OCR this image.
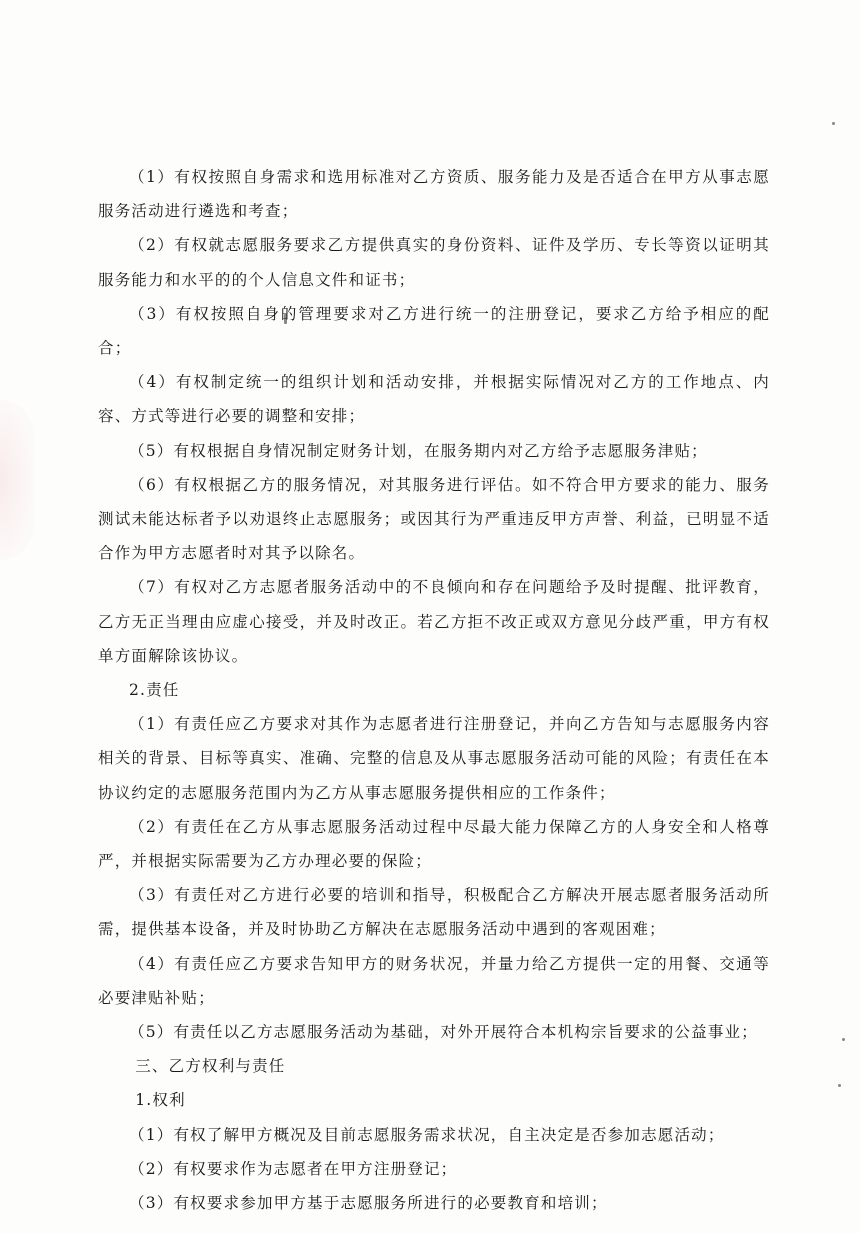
（1）有权按照自身需求和选用标准对乙方资质、服务能力及是否适合在甲方从事志愿服务活动进行遴选和考查；

（2）有权就志愿服务要求乙方提供真实的身份资料、证件及学历、专长等资以证明其服务能力和水平的的个人信息文件和证书；

（3）有权按照自身的管理要求对乙方进行统一的注册登记，要求乙方给予相应的配合；

（4）有权制定统一的组织计划和活动安排，并根据实际情况对乙方的工作地点、内容、方式等进行必要的调整和安排；

（5）有权根据自身情况制定财务计划，在服务期内对乙方给予志愿服务津贴；

（6）有权根据乙方的服务情况，对其服务进行评估。如不符合甲方要求的能力、服务测试未能达标者予以劝退终止志愿服务；或因其行为严重违反甲方声誉、利益，已明显不适合作为甲方志愿者时对其予以除名。

（7）有权对乙方志愿者服务活动中的不良倾向和存在问题给予及时提醒、批评教育，乙方无正当理由应虚心接受，并及时改正。若乙方拒不改正或双方意见分歧严重，甲方有权单方面解除该协议。

2.责任

（1）有责任应乙方要求对其作为志愿者进行注册登记，并向乙方告知与志愿服务内容相关的背景、目标等真实、准确、完整的信息及从事志愿服务活动可能的风险；有责任在本协议约定的志愿服务范围内为乙方从事志愿服务提供相应的工作条件；

（2）有责任在乙方从事志愿服务活动过程中尽最大能力保障乙方的人身安全和人格尊严，并根据实际需要为乙方办理必要的保险；

（3）有责任对乙方进行必要的培训和指导，积极配合乙方解决开展志愿者服务活动所需，提供基本设备，并及时协助乙方解决在志愿服务活动中遇到的客观困难；

（4）有责任应乙方要求告知甲方的财务状况，并量力给乙方提供一定的用餐、交通等必要津贴补贴；

（5）有责任以乙方志愿服务活动为基础，对外开展符合本机构宗旨要求的公益事业；

三、乙方权利与责任

1.权利

（1）有权了解甲方概况及目前志愿服务需求状况，自主决定是否参加志愿活动；

（2）有权要求作为志愿者在甲方注册登记；

（3）有权要求参加甲方基于志愿服务所进行的必要教育和培训；
